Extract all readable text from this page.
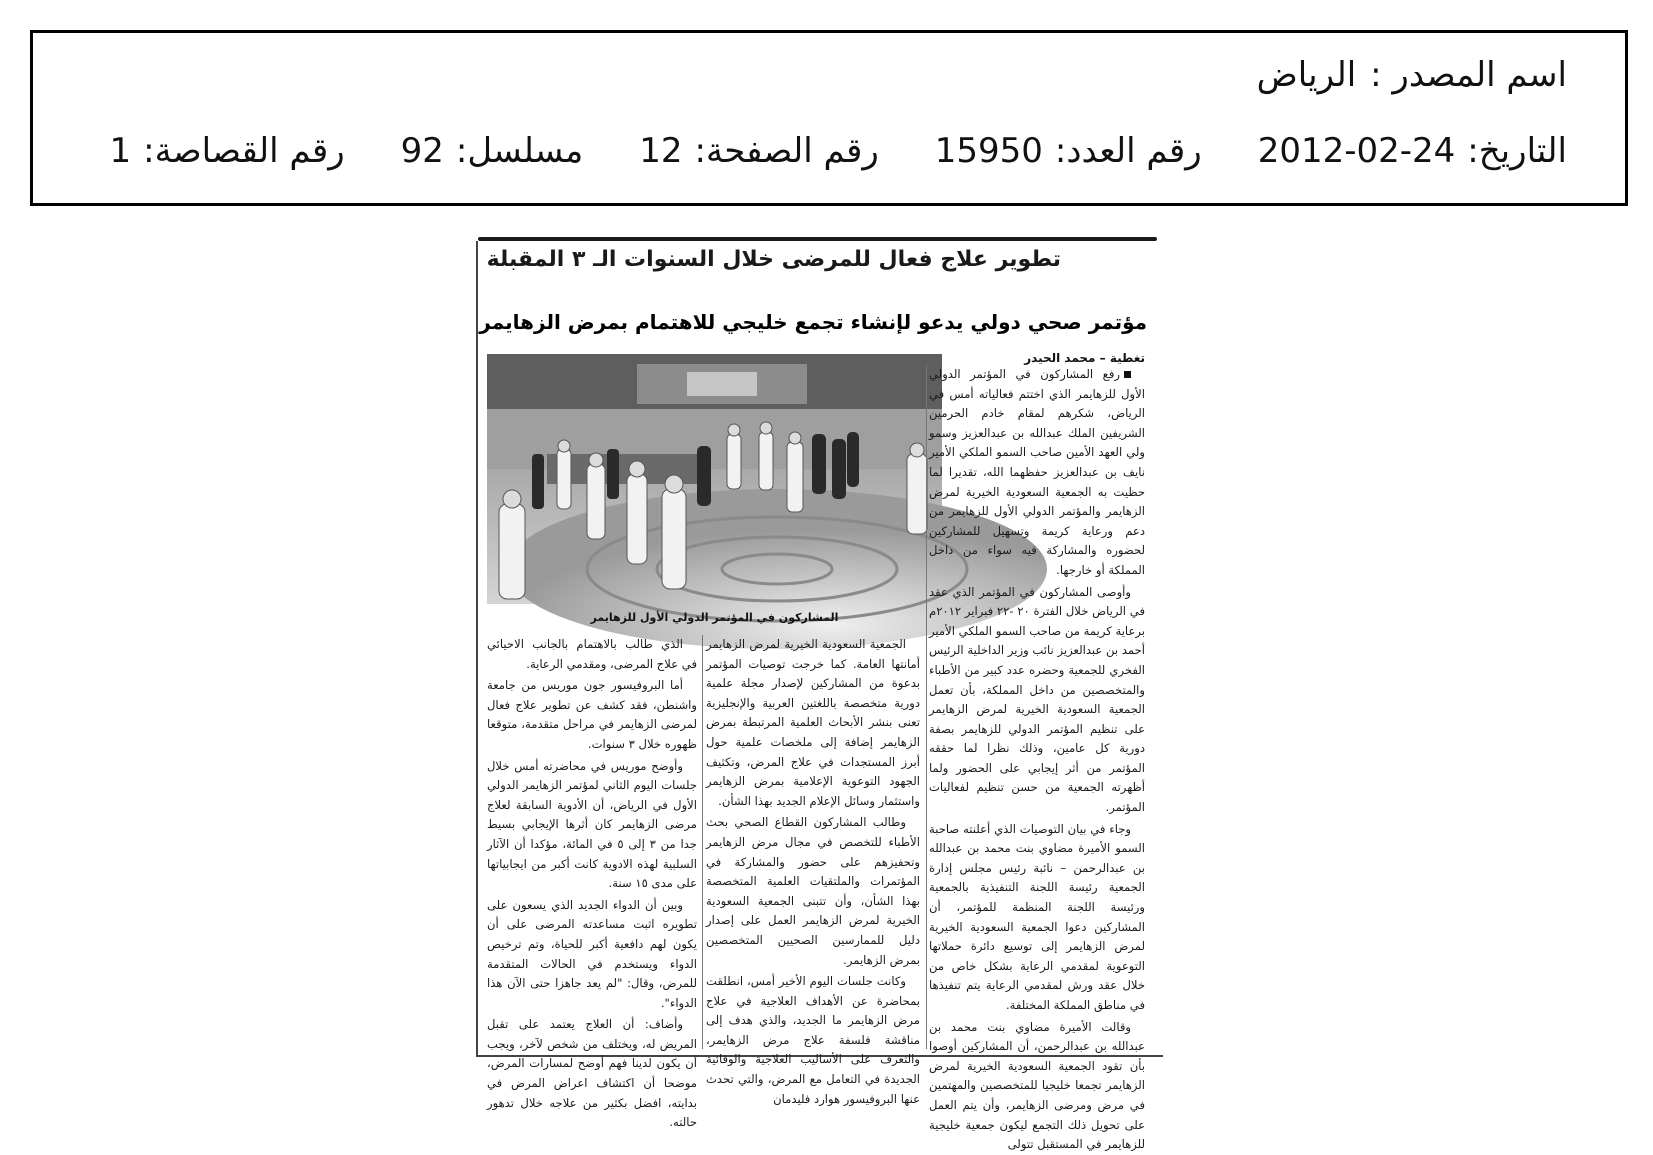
اسم المصدر :
الرياض
التاريخ:
2012-02-24
رقم العدد:
15950
رقم الصفحة:
12
مسلسل:
92
رقم القصاصة:
1
تطوير علاج فعال للمرضى خلال السنوات الـ ٣ المقبلة
مؤتمر صحي دولي يدعو لإنشاء تجمع خليجي للاهتمام بمرض الزهايمر
تغطية – محمد الحيدر
المشاركون في المؤتمر الدولي الأول للزهايمر

رفع المشاركون في المؤتمر الدولي الأول للزهايمر الذي اختتم فعالياته أمس في الرياض، شكرهم لمقام خادم الحرمين الشريفين الملك عبدالله بن عبدالعزيز وسمو ولي العهد الأمين صاحب السمو الملكي الأمير نايف بن عبدالعزيز حفظهما الله، تقديرا لما حظيت به الجمعية السعودية الخيرية لمرض الزهايمر والمؤتمر الدولي الأول للزهايمر من دعم ورعاية كريمة وتسهيل للمشاركين لحضوره والمشاركة فيه سواء من داخل المملكة أو خارجها.

وأوصى المشاركون في المؤتمر الذي عقد في الرياض خلال الفترة ٢٠ -٢٢ فبراير ٢٠١٢م برعاية كريمة من صاحب السمو الملكي الأمير أحمد بن عبدالعزيز نائب وزير الداخلية الرئيس الفخري للجمعية وحضره عدد كبير من الأطباء والمتخصصين من داخل المملكة، بأن تعمل الجمعية السعودية الخيرية لمرض الزهايمر على تنظيم المؤتمر الدولي للزهايمر بصفة دورية كل عامين، وذلك نظرا لما حققه المؤتمر من أثر إيجابي على الحضور ولما أظهرته الجمعية من حسن تنظيم لفعاليات المؤتمر.

وجاء في بيان التوصيات الذي أعلنته صاحبة السمو الأميرة مضاوي بنت محمد بن عبدالله بن عبدالرحمن – نائبة رئيس مجلس إدارة الجمعية رئيسة اللجنة التنفيذية بالجمعية ورئيسة اللجنة المنظمة للمؤتمر، أن المشاركين دعوا الجمعية السعودية الخيرية لمرض الزهايمر إلى توسيع دائرة حملاتها التوعوية لمقدمي الرعاية بشكل خاص من خلال عقد ورش لمقدمي الرعاية يتم تنفيذها في مناطق المملكة المختلفة.

وقالت الأميرة مضاوي بنت محمد بن عبدالله بن عبدالرحمن، أن المشاركين أوصوا بأن تقود الجمعية السعودية الخيرية لمرض الزهايمر تجمعا خليجيا للمتخصصين والمهتمين في مرض ومرضى الزهايمر، وأن يتم العمل على تحويل ذلك التجمع ليكون جمعية خليجية للزهايمر في المستقبل تتولى

الجمعية السعودية الخيرية لمرض الزهايمر أمانتها العامة. كما خرجت توصيات المؤتمر بدعوة من المشاركين لإصدار مجلة علمية دورية متخصصة باللغتين العربية والإنجليزية تعنى بنشر الأبحاث العلمية المرتبطة بمرض الزهايمر إضافة إلى ملخصات علمية حول أبرز المستجدات في علاج المرض، وتكثيف الجهود التوعوية الإعلامية بمرض الزهايمر واستثمار وسائل الإعلام الجديد بهذا الشأن.

وطالب المشاركون القطاع الصحي بحث الأطباء للتخصص في مجال مرض الزهايمر وتحفيزهم على حضور والمشاركة في المؤتمرات والملتقيات العلمية المتخصصة بهذا الشأن، وأن تتبنى الجمعية السعودية الخيرية لمرض الزهايمر العمل على إصدار دليل للممارسين الصحيين المتخصصين بمرض الزهايمر.

وكانت جلسات اليوم الأخير أمس، انطلقت بمحاضرة عن الأهداف العلاجية في علاج مرض الزهايمر ما الجديد، والذي هدف إلى مناقشة فلسفة علاج مرض الزهايمر، والتعرف على الأساليب العلاجية والوقائية الجديدة في التعامل مع المرض، والتي تحدث عنها البروفيسور هوارد فليدمان

الذي طالب بالاهتمام بالجانب الاحيائي في علاج المرضى، ومقدمي الرعاية.

أما البروفيسور جون موريس من جامعة واشنطن، فقد كشف عن تطوير علاج فعال لمرضى الزهايمر في مراحل متقدمة، متوقعا ظهوره خلال ٣ سنوات.

وأوضح موريس في محاضرته أمس خلال جلسات اليوم الثاني لمؤتمر الزهايمر الدولي الأول في الرياض، أن الأدوية السابقة لعلاج مرضى الزهايمر كان أثرها الإيجابي بسيط جدا من ٣ إلى ٥ في المائة، مؤكدا أن الآثار السلبية لهذه الادوية كانت أكبر من ايجابياتها على مدى ١٥ سنة.

وبين أن الدواء الجديد الذي يسعون على تطويره اثبت مساعدته المرضى على أن يكون لهم دافعية أكبر للحياة، وتم ترخيص الدواء ويستخدم في الحالات المتقدمة للمرض، وقال: "لم يعد جاهزا حتى الآن هذا الدواء".

وأضاف: أن العلاج يعتمد على تقبل المريض له، ويختلف من شخص لآخر، ويجب أن يكون لدينا فهم أوضح لمسارات المرض، موضحا أن اكتشاف اعراض المرض في بدايته، افضل بكثير من علاجه خلال تدهور حالته.
